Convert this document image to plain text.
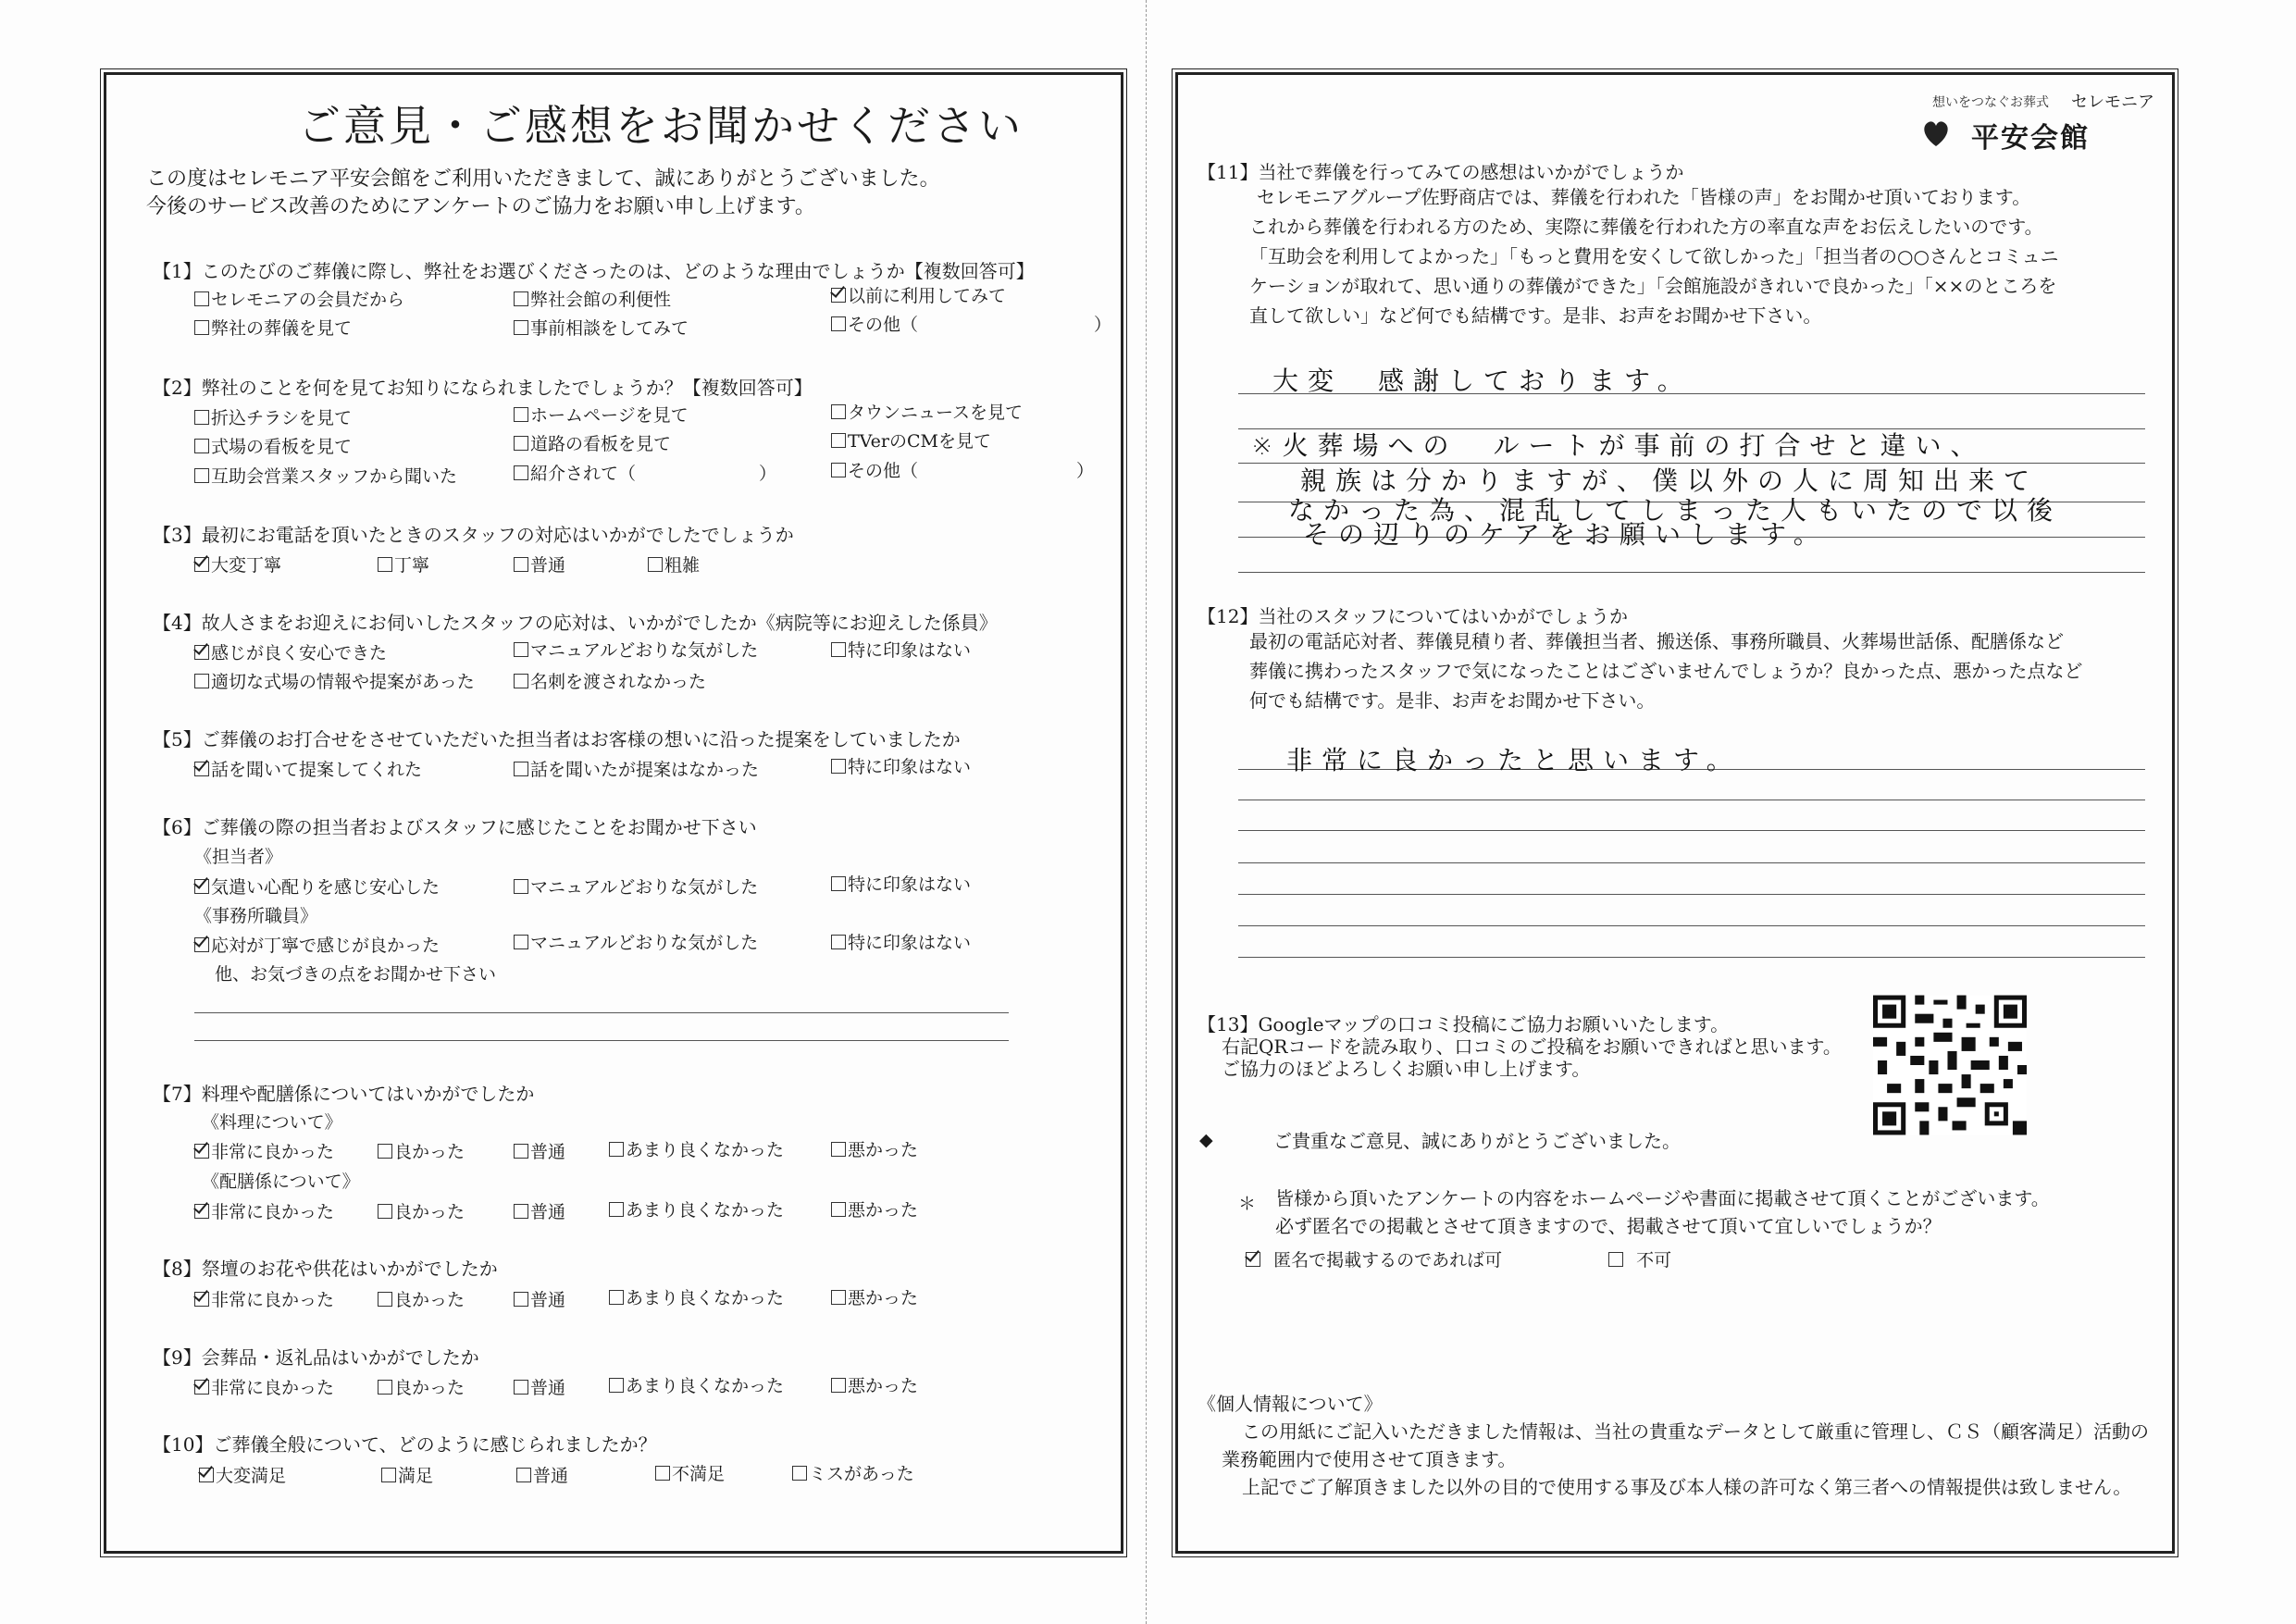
ご意見・ご感想をお聞かせください
この度はセレモニア平安会館をご利用いただきまして、誠にありがとうございました。
今後のサービス改善のためにアンケートのご協力をお願い申し上げます。
【1】このたびのご葬儀に際し、弊社をお選びくださったのは、どのような理由でしょうか【複数回答可】
セレモニアの会員だから	弊社会館の利便性	以前に利用してみて
弊社の葬儀を見て	事前相談をしてみて	その他（　　　　　　　　　　）
【2】弊社のことを何を見てお知りになられましたでしょうか？【複数回答可】
折込チラシを見て	ホームページを見て	タウンニュースを見て
式場の看板を見て	道路の看板を見て	TVerのCMを見て
互助会営業スタッフから聞いた	紹介されて（　　　　　　　）	その他（　　　　　　　　　）
【3】最初にお電話を頂いたときのスタッフの対応はいかがでしたでしょうか
大変丁寧	丁寧	普通	粗雑
【4】故人さまをお迎えにお伺いしたスタッフの応対は、いかがでしたか《病院等にお迎えした係員》
感じが良く安心できた	マニュアルどおりな気がした	特に印象はない
適切な式場の情報や提案があった	名刺を渡されなかった
【5】ご葬儀のお打合せをさせていただいた担当者はお客様の想いに沿った提案をしていましたか
話を聞いて提案してくれた	話を聞いたが提案はなかった	特に印象はない
【6】ご葬儀の際の担当者およびスタッフに感じたことをお聞かせ下さい
《担当者》
気遣い心配りを感じ安心した	マニュアルどおりな気がした	特に印象はない
《事務所職員》
応対が丁寧で感じが良かった	マニュアルどおりな気がした	特に印象はない
他、お気づきの点をお聞かせ下さい
【7】料理や配膳係についてはいかがでしたか
《料理について》
非常に良かった	良かった	普通	あまり良くなかった	悪かった
《配膳係について》
非常に良かった	良かった	普通	あまり良くなかった	悪かった
【8】祭壇のお花や供花はいかがでしたか
非常に良かった	良かった	普通	あまり良くなかった	悪かった
【9】会葬品・返礼品はいかがでしたか
非常に良かった	良かった	普通	あまり良くなかった	悪かった
【10】ご葬儀全般について、どのように感じられましたか？
大変満足	満足	普通	不満足	ミスがあった
想いをつなぐお葬式 セレモニア
平安会館
【11】当社で葬儀を行ってみての感想はいかがでしょうか
セレモニアグループ佐野商店では、葬儀を行われた「皆様の声」をお聞かせ頂いております。
これから葬儀を行われる方のため、実際に葬儀を行われた方の率直な声をお伝えしたいのです。
「互助会を利用してよかった」「もっと費用を安くして欲しかった」「担当者の○○さんとコミュニ
ケーションが取れて、思い通りの葬儀ができた」「会館施設がきれいで良かった」「××のところを
直して欲しい」など何でも結構です。是非、お声をお聞かせ下さい。
大変　感謝しております。
※火葬場への　ルートが事前の打合せと違い、
親族は分かりますが、僕以外の人に周知出来て
なかった為、混乱してしまった人もいたので以後
その辺りのケアをお願いします。
【12】当社のスタッフについてはいかがでしょうか
最初の電話応対者、葬儀見積り者、葬儀担当者、搬送係、事務所職員、火葬場世話係、配膳係など
葬儀に携わったスタッフで気になったことはございませんでしょうか？良かった点、悪かった点など
何でも結構です。是非、お声をお聞かせ下さい。
非常に良かったと思います。
【13】Googleマップの口コミ投稿にご協力お願いいたします。
右記QRコードを読み取り、口コミのご投稿をお願いできればと思います。
ご協力のほどよろしくお願い申し上げます。
◆	ご貴重なご意見、誠にありがとうございました。
＊ 皆様から頂いたアンケートの内容をホームページや書面に掲載させて頂くことがございます。
必ず匿名での掲載とさせて頂きますので、掲載させて頂いて宜しいでしょうか？
匿名で掲載するのであれば可	不可
《個人情報について》
この用紙にご記入いただきました情報は、当社の貴重なデータとして厳重に管理し、ＣＳ（顧客満足）活動の
業務範囲内で使用させて頂きます。
上記でご了解頂きました以外の目的で使用する事及び本人様の許可なく第三者への情報提供は致しません。
